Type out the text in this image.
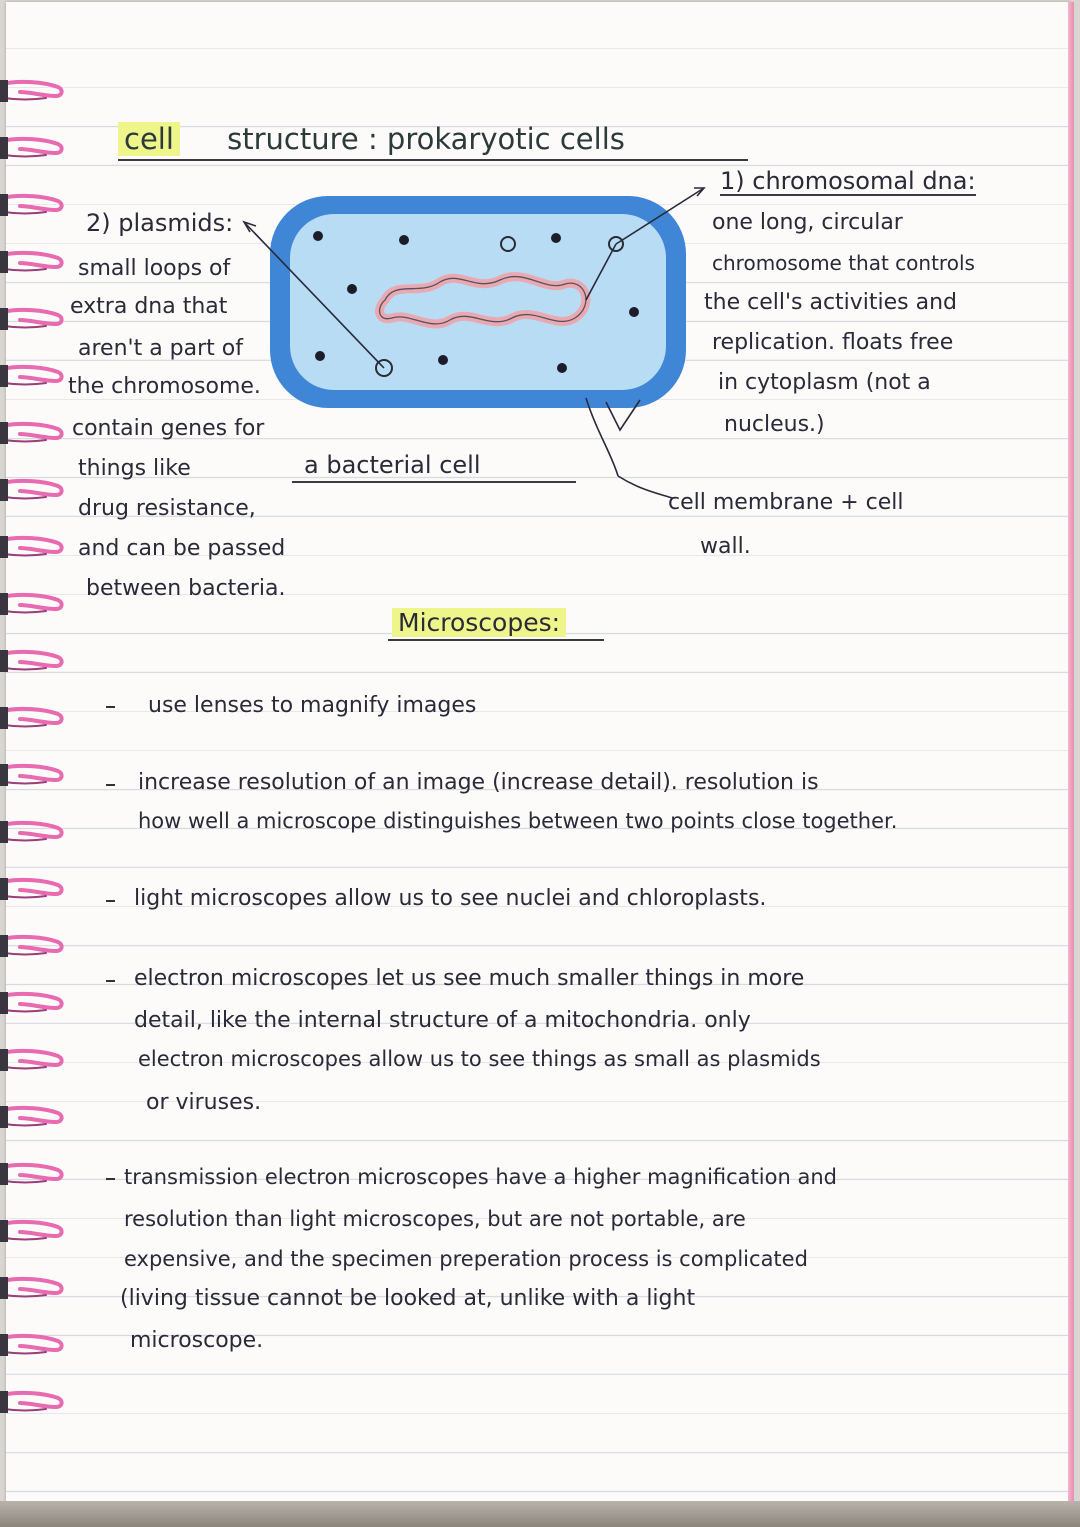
cell structure : prokaryotic cells
2) plasmids:
small loops of
extra dna that
aren't a part of
the chromosome.
contain genes for
things like
drug resistance,
and can be passed
between bacteria.
a bacterial cell
1) chromosomal dna:
one long, circular
chromosome that controls
the cell's activities and
replication. floats free
in cytoplasm (not a
nucleus.)
cell membrane + cell
wall.
Microscopes:
use lenses to magnify images
increase resolution of an image (increase detail). resolution is
how well a microscope distinguishes between two points close together.
light microscopes allow us to see nuclei and chloroplasts.
electron microscopes let us see much smaller things in more
detail, like the internal structure of a mitochondria. only
electron microscopes allow us to see things as small as plasmids
or viruses.
transmission electron microscopes have a higher magnification and
resolution than light microscopes, but are not portable, are
expensive, and the specimen preperation process is complicated
(living tissue cannot be looked at, unlike with a light
microscope.
